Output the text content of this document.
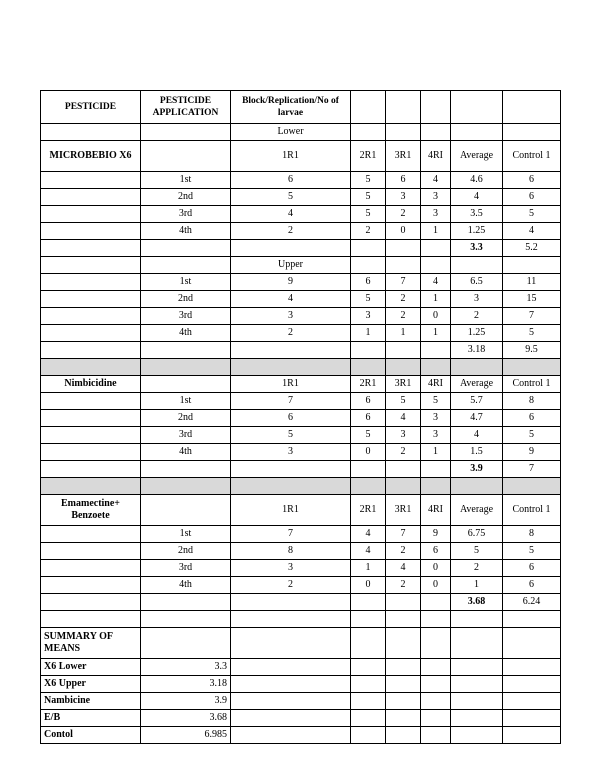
PESTICIDE	PESTICIDE APPLICATION	Block/Replication/No of larvae					
		Lower					
MICROBEBIO X6		1R1	2R1	3R1	4RI	Average	Control 1
	1st	6	5	6	4	4.6	6
	2nd	5	5	3	3	4	6
	3rd	4	5	2	3	3.5	5
	4th	2	2	0	1	1.25	4
						3.3	5.2
		Upper					
	1st	9	6	7	4	6.5	11
	2nd	4	5	2	1	3	15
	3rd	3	3	2	0	2	7
	4th	2	1	1	1	1.25	5
						3.18	9.5

Nimbicidine		1R1	2R1	3R1	4RI	Average	Control 1
	1st	7	6	5	5	5.7	8
	2nd	6	6	4	3	4.7	6
	3rd	5	5	3	3	4	5
	4th	3	0	2	1	1.5	9
						3.9	7

Emamectine+ Benzoete		1R1	2R1	3R1	4RI	Average	Control 1
	1st	7	4	7	9	6.75	8
	2nd	8	4	2	6	5	5
	3rd	3	1	4	0	2	6
	4th	2	0	2	0	1	6
						3.68	6.24

SUMMARY OF MEANS							
X6 Lower	3.3						
X6 Upper	3.18						
Nambicine	3.9						
E/B	3.68						
Contol	6.985						
